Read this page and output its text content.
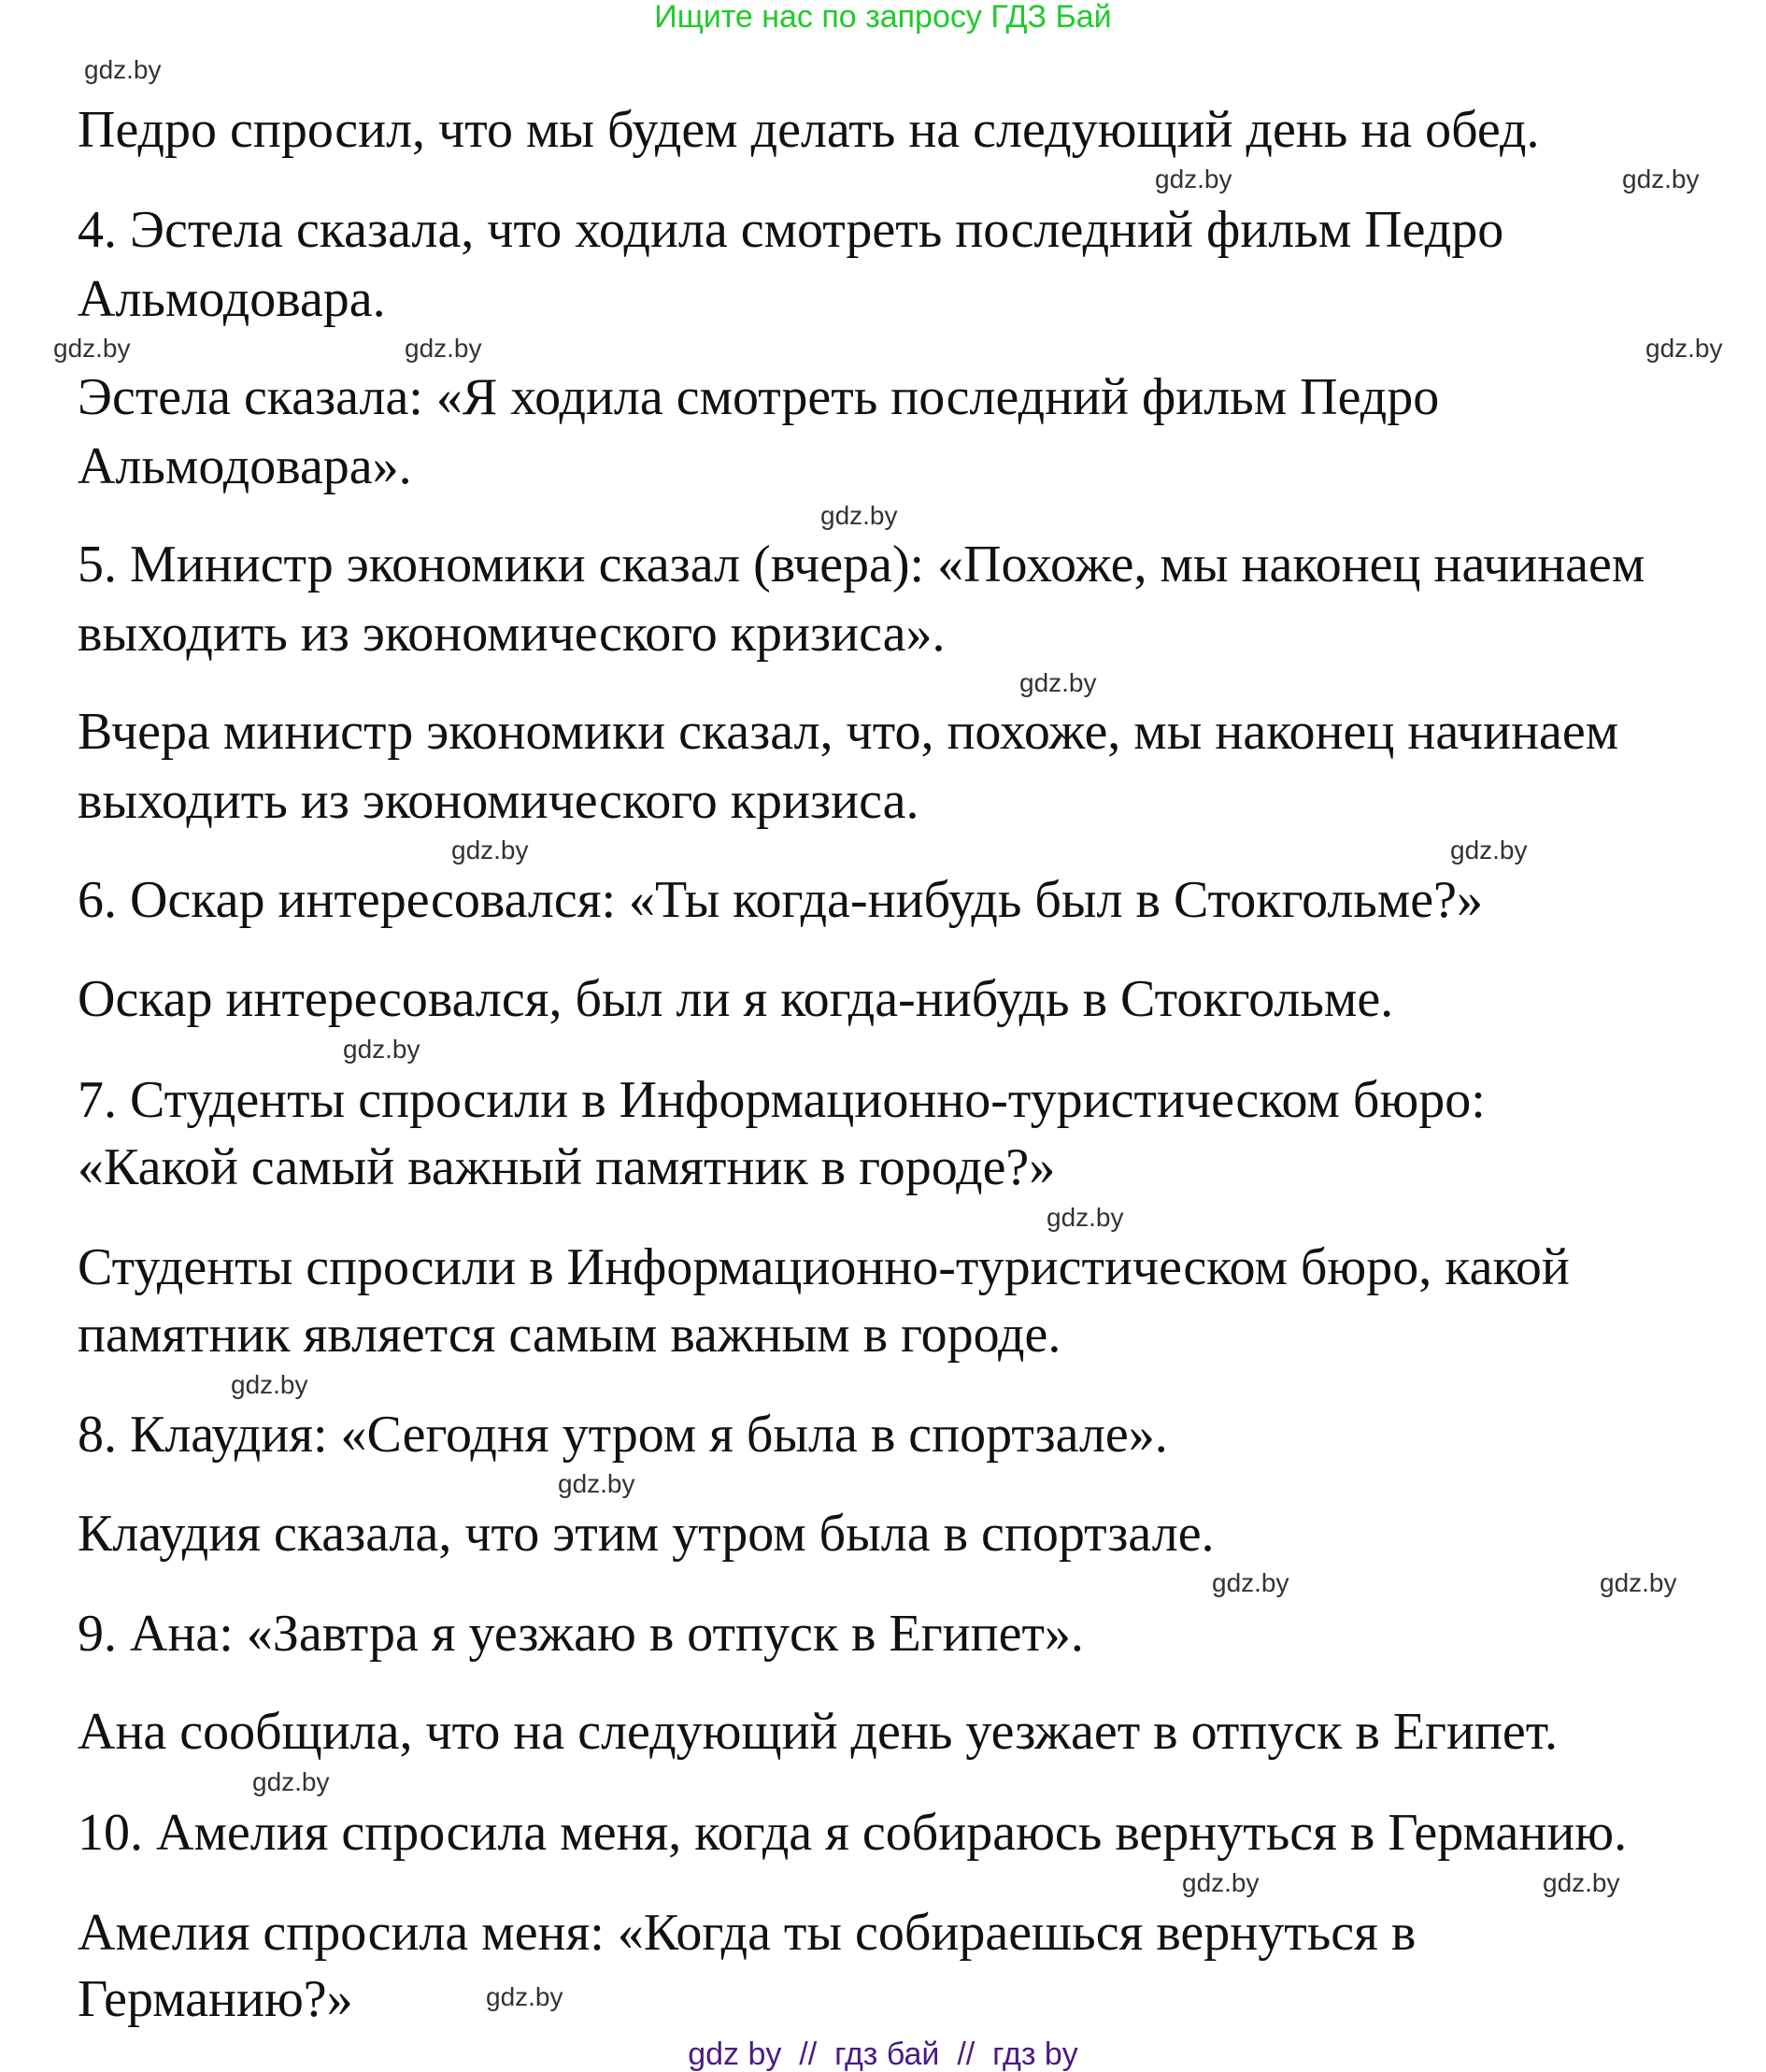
Ищите нас по запросу ГДЗ Бай
Педро спросил, что мы будем делать на следующий день на обед.
4. Эстела сказала, что ходила смотреть последний фильм Педро
Альмодовара.
Эстела сказала: «Я ходила смотреть последний фильм Педро
Альмодовара».
5. Министр экономики сказал (вчера): «Похоже, мы наконец начинаем
выходить из экономического кризиса».
Вчера министр экономики сказал, что, похоже, мы наконец начинаем
выходить из экономического кризиса.
6. Оскар интересовался: «Ты когда-нибудь был в Стокгольме?»
Оскар интересовался, был ли я когда-нибудь в Стокгольме.
7. Студенты спросили в Информационно-туристическом бюро:
«Какой самый важный памятник в городе?»
Студенты спросили в Информационно-туристическом бюро, какой
памятник является самым важным в городе.
8. Клаудия: «Сегодня утром я была в спортзале».
Клаудия сказала, что этим утром была в спортзале.
9. Ана: «Завтра я уезжаю в отпуск в Египет».
Ана сообщила, что на следующий день уезжает в отпуск в Египет.
10. Амелия спросила меня, когда я собираюсь вернуться в Германию.
Амелия спросила меня: «Когда ты собираешься вернуться в
Германию?»
gdz.by
gdz.by	gdz.by
gdz.by
gdz.by	gdz.by
gdz.by
gdz.by
gdz.by
gdz.by
gdz.by
gdz.by
gdz.by
gdz.by
gdz.by
gdz.by
gdz.by
gdz.by	gdz.by
gdz.by
gdz by  //  гдз бай  //  гдз by
